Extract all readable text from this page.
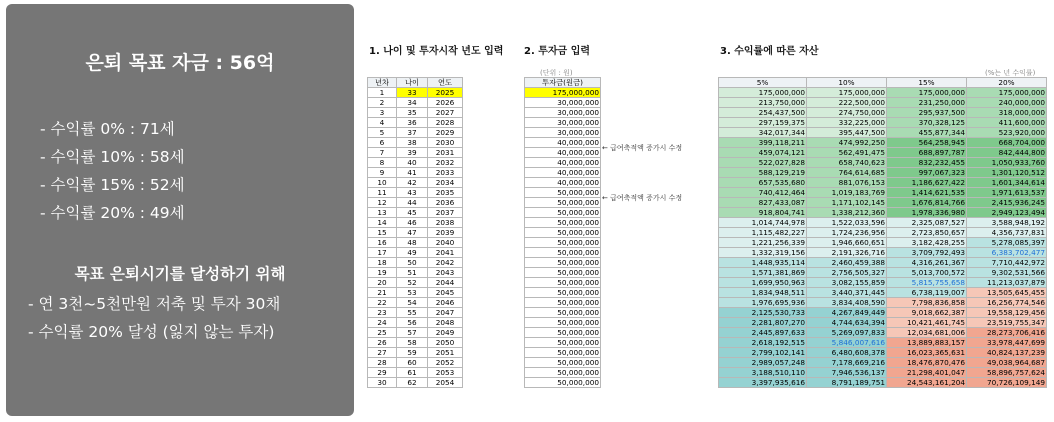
은퇴 목표 자금 : 56억
- 수익률 0% : 71세
- 수익률 10% : 58세
- 수익률 15% : 52세
- 수익률 20% : 49세
목표 은퇴시기를 달성하기 위해
- 연 3천~5천만원 저축 및 투자 30채
- 수익률 20% 달성 (잃지 않는 투자)
1. 나이 및 투자시작 년도 입력 2. 투자금 입력	3. 수익률에 따른 자산
(단위 : 원)	(%는 년 수익률)
년차	나이	연도
1	33	2025
2	34	2026
3	35	2027
4	36	2028
5	37	2029
6	38	2030
7	39	2031
8	40	2032
9	41	2033
10	42	2034
11	43	2035
12	44	2036
13	45	2037
14	46	2038
15	47	2039
16	48	2040
17	49	2041
18	50	2042
19	51	2043
20	52	2044
21	53	2045
22	54	2046
23	55	2047
24	56	2048
25	57	2049
26	58	2050
27	59	2051
28	60	2052
29	61	2053
30	62	2054
투자금(원금)
175,000,000
30,000,000
30,000,000
30,000,000
30,000,000
40,000,000
40,000,000
40,000,000
40,000,000
40,000,000
50,000,000
50,000,000
50,000,000
50,000,000
50,000,000
50,000,000
50,000,000
50,000,000
50,000,000
50,000,000
50,000,000
50,000,000
50,000,000
50,000,000
50,000,000
50,000,000
50,000,000
50,000,000
50,000,000
50,000,000
5%	10%	15%	20%
175,000,000	175,000,000	175,000,000	175,000,000
213,750,000	222,500,000	231,250,000	240,000,000
254,437,500	274,750,000	295,937,500	318,000,000
297,159,375	332,225,000	370,328,125	411,600,000
342,017,344	395,447,500	455,877,344	523,920,000
399,118,211	474,992,250	564,258,945	668,704,000
459,074,121	562,491,475	688,897,787	842,444,800
522,027,828	658,740,623	832,232,455	1,050,933,760
588,129,219	764,614,685	997,067,323	1,301,120,512
657,535,680	881,076,153	1,186,627,422	1,601,344,614
740,412,464	1,019,183,769	1,414,621,535	1,971,613,537
827,433,087	1,171,102,145	1,676,814,766	2,415,936,245
918,804,741	1,338,212,360	1,978,336,980	2,949,123,494
1,014,744,978	1,522,033,596	2,325,087,527	3,588,948,192
1,115,482,227	1,724,236,956	2,723,850,657	4,356,737,831
1,221,256,339	1,946,660,651	3,182,428,255	5,278,085,397
1,332,319,156	2,191,326,716	3,709,792,493	6,383,702,477
1,448,935,114	2,460,459,388	4,316,261,367	7,710,442,972
1,571,381,869	2,756,505,327	5,013,700,572	9,302,531,566
1,699,950,963	3,082,155,859	5,815,755,658	11,213,037,879
1,834,948,511	3,440,371,445	6,738,119,007	13,505,645,455
1,976,695,936	3,834,408,590	7,798,836,858	16,256,774,546
2,125,530,733	4,267,849,449	9,018,662,387	19,558,129,456
2,281,807,270	4,744,634,394	10,421,461,745	23,519,755,347
2,445,897,633	5,269,097,833	12,034,681,006	28,273,706,416
2,618,192,515	5,846,007,616	13,889,883,157	33,978,447,699
2,799,102,141	6,480,608,378	16,023,365,631	40,824,137,239
2,989,057,248	7,178,669,216	18,476,870,476	49,038,964,687
3,188,510,110	7,946,536,137	21,298,401,047	58,896,757,624
3,397,935,616	8,791,189,751	24,543,161,204	70,726,109,149
← 급여축적액 증가시 수정
← 급여축적액 증가시 수정
